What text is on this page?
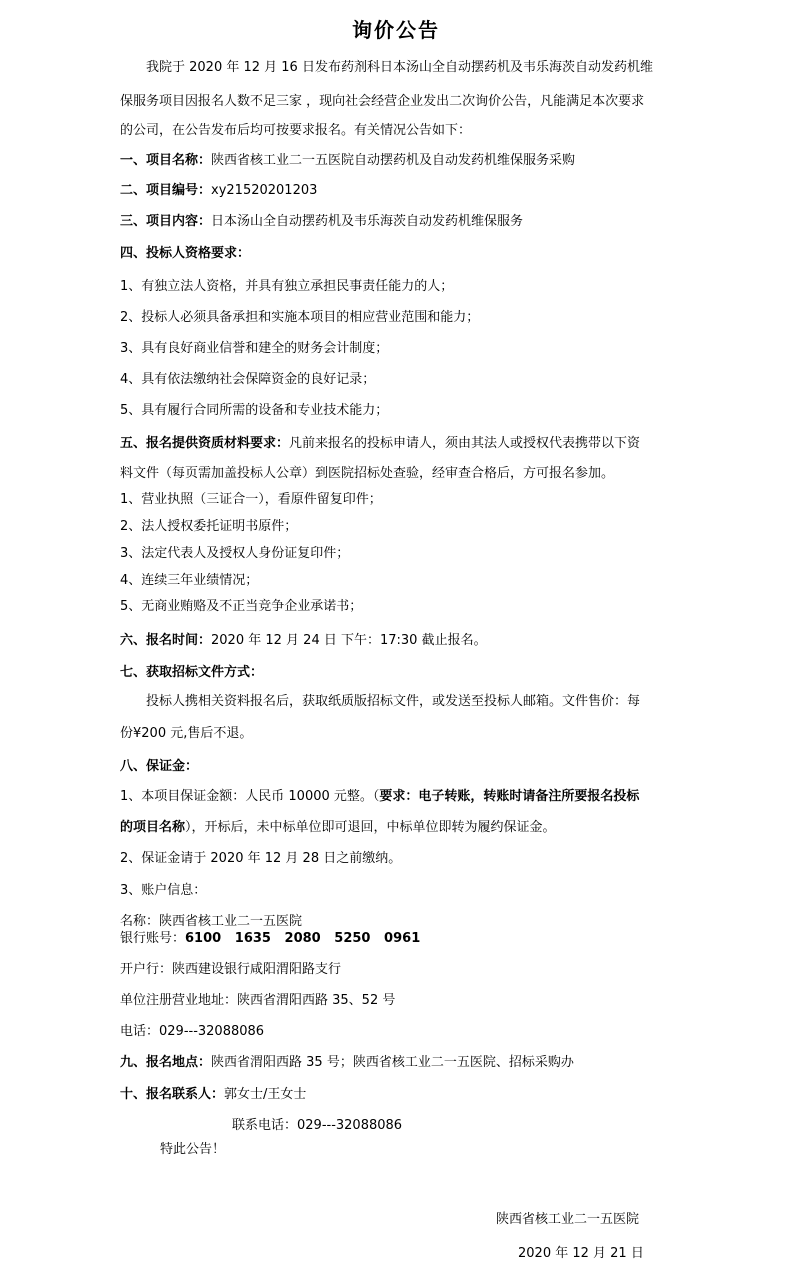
询价公告
我院于 2020 年 12 月 16 日发布药剂科日本汤山全自动摆药机及韦乐海茨自动发药机维
保服务项目因报名人数不足三家 ，现向社会经营企业发出二次询价公告，凡能满足本次要求
的公司，在公告发布后均可按要求报名。有关情况公告如下：
一、项目名称：陕西省核工业二一五医院自动摆药机及自动发药机维保服务采购
二、项目编号：xy21520201203
三、项目内容：日本汤山全自动摆药机及韦乐海茨自动发药机维保服务
四、投标人资格要求：
1、有独立法人资格，并具有独立承担民事责任能力的人；
2、投标人必须具备承担和实施本项目的相应营业范围和能力；
3、具有良好商业信誉和建全的财务会计制度；
4、具有依法缴纳社会保障资金的良好记录；
5、具有履行合同所需的设备和专业技术能力；
五、报名提供资质材料要求：凡前来报名的投标申请人，须由其法人或授权代表携带以下资
料文件（每页需加盖投标人公章）到医院招标处查验，经审查合格后，方可报名参加。
1、营业执照（三证合一），看原件留复印件；
2、法人授权委托证明书原件；
3、法定代表人及授权人身份证复印件；
4、连续三年业绩情况；
5、无商业贿赂及不正当竞争企业承诺书；
六、报名时间：2020 年 12 月 24 日 下午：17:30 截止报名。
七、获取招标文件方式：
投标人携相关资料报名后，获取纸质版招标文件，或发送至投标人邮箱。文件售价：每
份¥200 元,售后不退。
八、保证金：
1、本项目保证金额：人民币 10000 元整。（要求：电子转账，转账时请备注所要报名投标
的项目名称），开标后，未中标单位即可退回，中标单位即转为履约保证金。
2、保证金请于 2020 年 12 月 28 日之前缴纳。
3、账户信息：
名称：陕西省核工业二一五医院
银行账号：6100   1635   2080   5250   0961
开户行：陕西建设银行咸阳渭阳路支行
单位注册营业地址：陕西省渭阳西路 35、52 号
电话：029---32088086
九、报名地点：陕西省渭阳西路 35 号；陕西省核工业二一五医院、招标采购办
十、报名联系人：郭女士/王女士
联系电话：029---32088086
特此公告！
陕西省核工业二一五医院
2020 年 12 月 21 日
